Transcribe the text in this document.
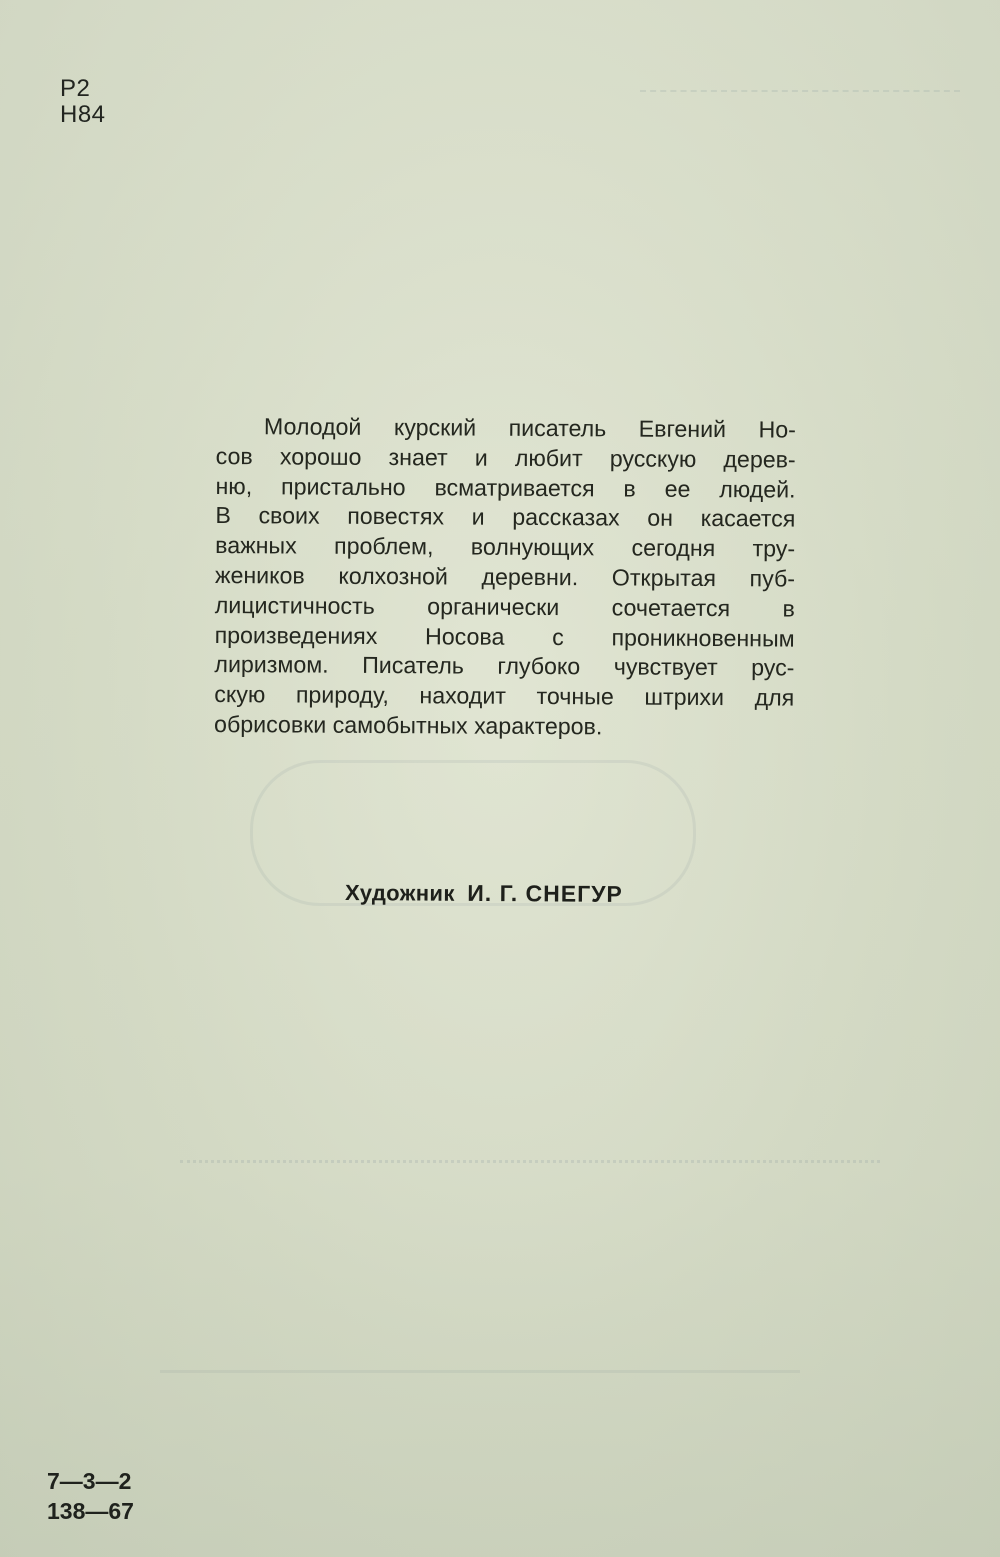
Р2
Н84
Молодой курский писатель Евгений Но-
сов хорошо знает и любит русскую дерев-
ню, пристально всматривается в ее людей.
В своих повестях и рассказах он касается
важных проблем, волнующих сегодня тру-
жеников колхозной деревни. Открытая пуб-
лицистичность органически сочетается в
произведениях Носова с проникновенным
лиризмом. Писатель глубоко чувствует рус-
скую природу, находит точные штрихи для
обрисовки самобытных характеров.
Художник И. Г. СНЕГУР
7—3—2
138—67
